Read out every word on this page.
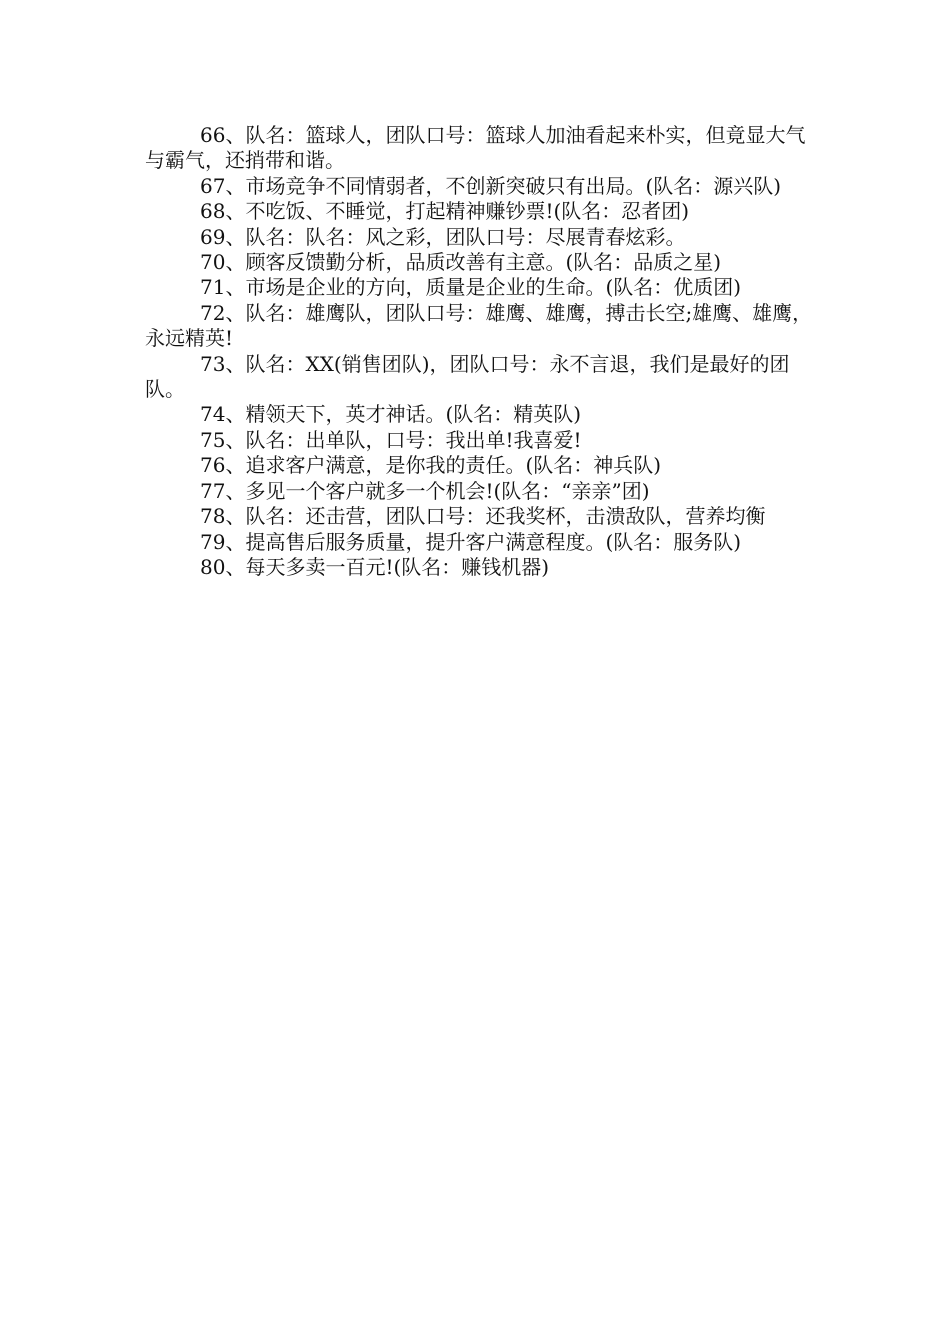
66、队名：篮球人，团队口号：篮球人加油看起来朴实，但竟显大气与霸气，还捎带和谐。

67、市场竞争不同情弱者，不创新突破只有出局。(队名：源兴队)

68、不吃饭、不睡觉，打起精神赚钞票!(队名：忍者团)

69、队名：队名：风之彩，团队口号：尽展青春炫彩。

70、顾客反馈勤分析，品质改善有主意。(队名：品质之星)

71、市场是企业的方向，质量是企业的生命。(队名：优质团)

72、队名：雄鹰队，团队口号：雄鹰、雄鹰，搏击长空;雄鹰、雄鹰，永远精英!

73、队名：XX(销售团队)，团队口号：永不言退，我们是最好的团队。

74、精领天下，英才神话。(队名：精英队)

75、队名：出单队，口号：我出单!我喜爱!

76、追求客户满意，是你我的责任。(队名：神兵队)

77、多见一个客户就多一个机会!(队名：“亲亲”团)

78、队名：还击营，团队口号：还我奖杯，击溃敌队，营养均衡

79、提高售后服务质量，提升客户满意程度。(队名：服务队)

80、每天多卖一百元!(队名：赚钱机器)
